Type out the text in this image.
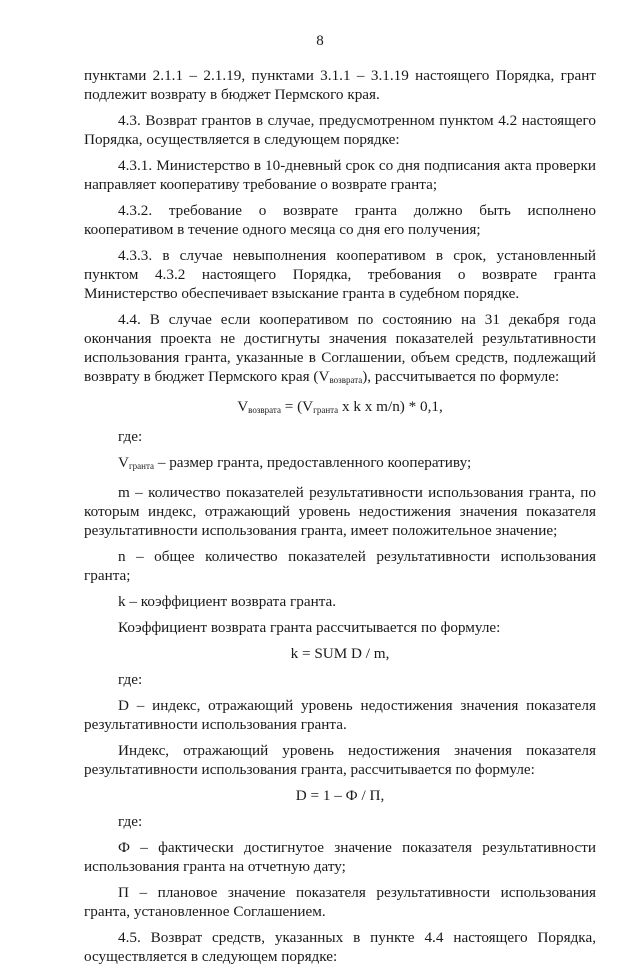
8

пунктами 2.1.1 – 2.1.19, пунктами 3.1.1 – 3.1.19 настоящего Порядка, грант подлежит возврату в бюджет Пермского края.

4.3. Возврат грантов в случае, предусмотренном пунктом 4.2 настоящего Порядка, осуществляется в следующем порядке:

4.3.1. Министерство в 10-дневный срок со дня подписания акта проверки направляет кооперативу требование о возврате гранта;

4.3.2. требование о возврате гранта должно быть исполнено кооперативом в течение одного месяца со дня его получения;

4.3.3. в случае невыполнения кооперативом в срок, установленный пунктом 4.3.2 настоящего Порядка, требования о возврате гранта Министерство обеспечивает взыскание гранта в судебном порядке.

4.4. В случае если кооперативом по состоянию на 31 декабря года окончания проекта не достигнуты значения показателей результативности использования гранта, указанные в Соглашении, объем средств, подлежащий возврату в бюджет Пермского края $(V_{возврата})$, рассчитывается по формуле:

$V_{возврата} = (V_{гранта}$ x k x m/n) * 0,1,

где:

$V_{гранта}$ – размер гранта, предоставленного кооперативу;

m – количество показателей результативности использования гранта, по которым индекс, отражающий уровень недостижения значения показателя результативности использования гранта, имеет положительное значение;

n – общее количество показателей результативности использования гранта;

k – коэффициент возврата гранта.

Коэффициент возврата гранта рассчитывается по формуле:

k = SUM D / m,

где:

D – индекс, отражающий уровень недостижения значения показателя результативности использования гранта.

Индекс, отражающий уровень недостижения значения показателя результативности использования гранта, рассчитывается по формуле:

D = 1 – Ф / П,

где:

Ф – фактически достигнутое значение показателя результативности использования гранта на отчетную дату;

П – плановое значение показателя результативности использования гранта, установленное Соглашением.

4.5. Возврат средств, указанных в пункте 4.4 настоящего Порядка, осуществляется в следующем порядке:
